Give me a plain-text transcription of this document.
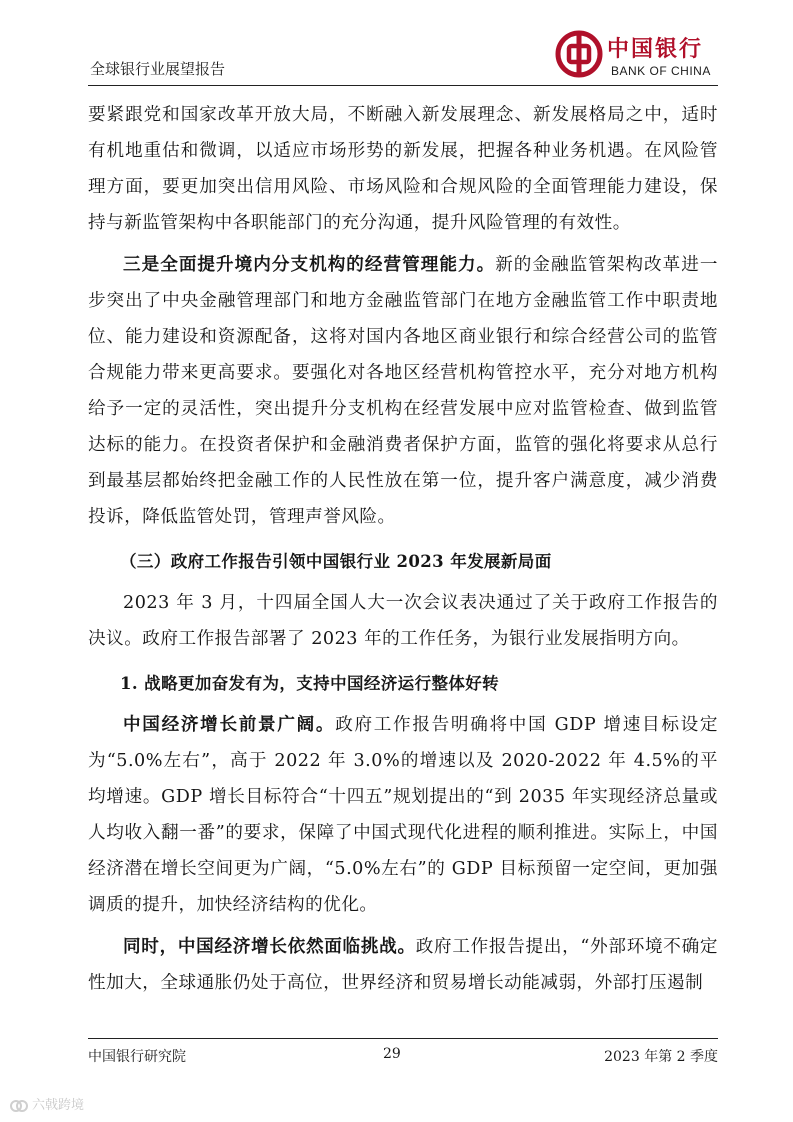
全球银行业展望报告
中国银行
BANK OF CHINA

要紧跟党和国家改革开放大局，不断融入新发展理念、新发展格局之中，适时有机地重估和微调，以适应市场形势的新发展，把握各种业务机遇。在风险管理方面，要更加突出信用风险、市场风险和合规风险的全面管理能力建设，保持与新监管架构中各职能部门的充分沟通，提升风险管理的有效性。

三是全面提升境内分支机构的经营管理能力。新的金融监管架构改革进一步突出了中央金融管理部门和地方金融监管部门在地方金融监管工作中职责地位、能力建设和资源配备，这将对国内各地区商业银行和综合经营公司的监管合规能力带来更高要求。要强化对各地区经营机构管控水平，充分对地方机构给予一定的灵活性，突出提升分支机构在经营发展中应对监管检查、做到监管达标的能力。在投资者保护和金融消费者保护方面，监管的强化将要求从总行到最基层都始终把金融工作的人民性放在第一位，提升客户满意度，减少消费投诉，降低监管处罚，管理声誉风险。

（三）政府工作报告引领中国银行业 2023 年发展新局面

2023 年 3 月，十四届全国人大一次会议表决通过了关于政府工作报告的决议。政府工作报告部署了 2023 年的工作任务，为银行业发展指明方向。

1. 战略更加奋发有为，支持中国经济运行整体好转

中国经济增长前景广阔。政府工作报告明确将中国 GDP 增速目标设定为“5.0%左右”，高于 2022 年 3.0%的增速以及 2020-2022 年 4.5%的平均增速。GDP 增长目标符合“十四五”规划提出的“到 2035 年实现经济总量或人均收入翻一番”的要求，保障了中国式现代化进程的顺利推进。实际上，中国经济潜在增长空间更为广阔，“5.0%左右”的 GDP 目标预留一定空间，更加强调质的提升，加快经济结构的优化。

同时，中国经济增长依然面临挑战。政府工作报告提出，“外部环境不确定性加大，全球通胀仍处于高位，世界经济和贸易增长动能减弱，外部打压遏制

中国银行研究院	29	2023 年第 2 季度
六戟跨境
